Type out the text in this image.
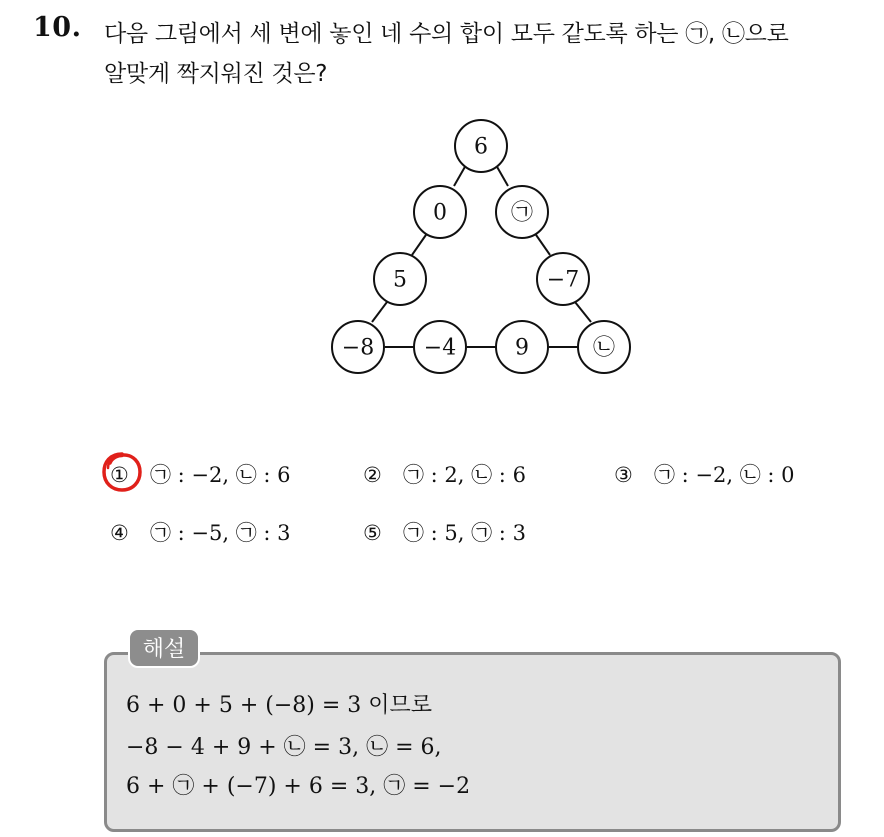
10. 다음 그림에서 세 변에 놓인 네 수의 합이 모두 같도록 하는 ㉠, ㉡으로
알맞게 짝지워진 것은?
6
0	㉠
5	−7
−8 −4	9	㉡
① ㉠ : −2, ㉡ : 6	② ㉠ : 2, ㉡ : 6	③ ㉠ : −2, ㉡ : 0
④ ㉠ : −5, ㉠ : 3	⑤ ㉠ : 5, ㉠ : 3
해설
6 + 0 + 5 + (−8) = 3 이므로
−8 − 4 + 9 + ㉡ = 3, ㉡ = 6,
6 + ㉠ + (−7) + 6 = 3, ㉠ = −2
